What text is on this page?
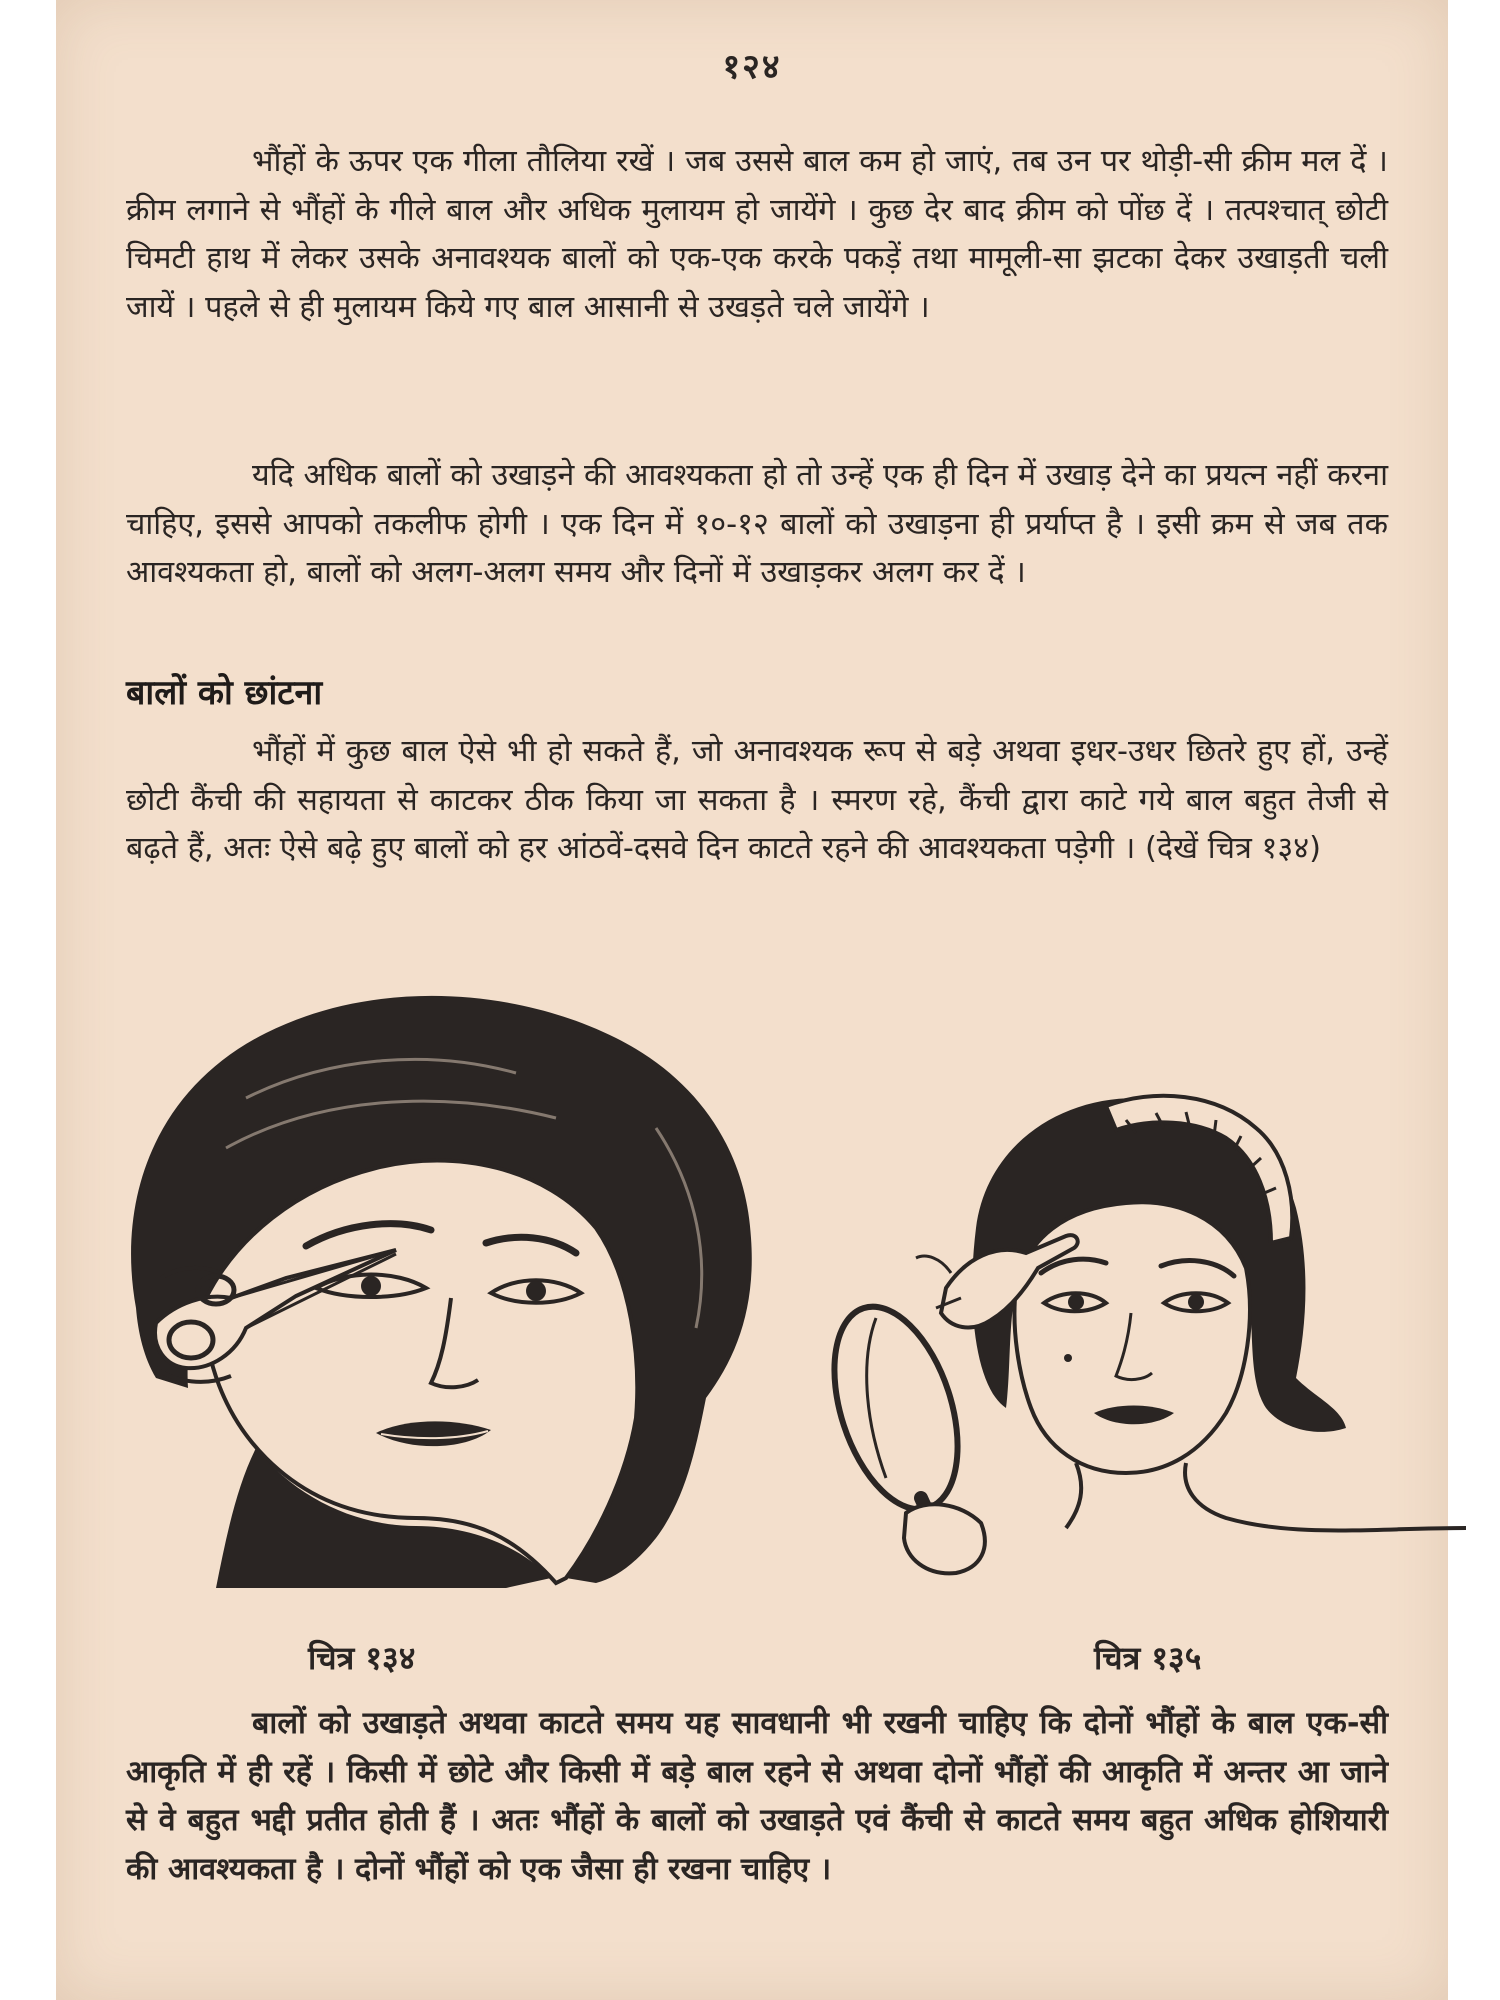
१२४

भौंहों के ऊपर एक गीला तौलिया रखें । जब उससे बाल कम हो जाएं, तब उन पर थोड़ी-सी क्रीम मल दें । क्रीम लगाने से भौंहों के गीले बाल और अधिक मुलायम हो जायेंगे । कुछ देर बाद क्रीम को पोंछ दें । तत्पश्चात् छोटी चिमटी हाथ में लेकर उसके अनावश्यक बालों को एक-एक करके पकड़ें तथा मामूली-सा झटका देकर उखाड़ती चली जायें । पहले से ही मुलायम किये गए बाल आसानी से उखड़ते चले जायेंगे ।

यदि अधिक बालों को उखाड़ने की आवश्यकता हो तो उन्हें एक ही दिन में उखाड़ देने का प्रयत्न नहीं करना चाहिए, इससे आपको तकलीफ होगी । एक दिन में १०-१२ बालों को उखाड़ना ही प्रर्याप्त है । इसी क्रम से जब तक आवश्यकता हो, बालों को अलग-अलग समय और दिनों में उखाड़कर अलग कर दें ।

बालों को छांटना

भौंहों में कुछ बाल ऐसे भी हो सकते हैं, जो अनावश्यक रूप से बड़े अथवा इधर-उधर छितरे हुए हों, उन्हें छोटी कैंची की सहायता से काटकर ठीक किया जा सकता है । स्मरण रहे, कैंची द्वारा काटे गये बाल बहुत तेजी से बढ़ते हैं, अतः ऐसे बढ़े हुए बालों को हर आंठवें-दसवे दिन काटते रहने की आवश्यकता पड़ेगी । (देखें चित्र १३४)

चित्र १३४	चित्र १३५

बालों को उखाड़ते अथवा काटते समय यह सावधानी भी रखनी चाहिए कि दोनों भौंहों के बाल एक-सी आकृति में ही रहें । किसी में छोटे और किसी में बड़े बाल रहने से अथवा दोनों भौंहों की आकृति में अन्तर आ जाने से वे बहुत भद्दी प्रतीत होती हैं । अतः भौंहों के बालों को उखाड़ते एवं कैंची से काटते समय बहुत अधिक होशियारी की आवश्यकता है । दोनों भौंहों को एक जैसा ही रखना चाहिए ।
